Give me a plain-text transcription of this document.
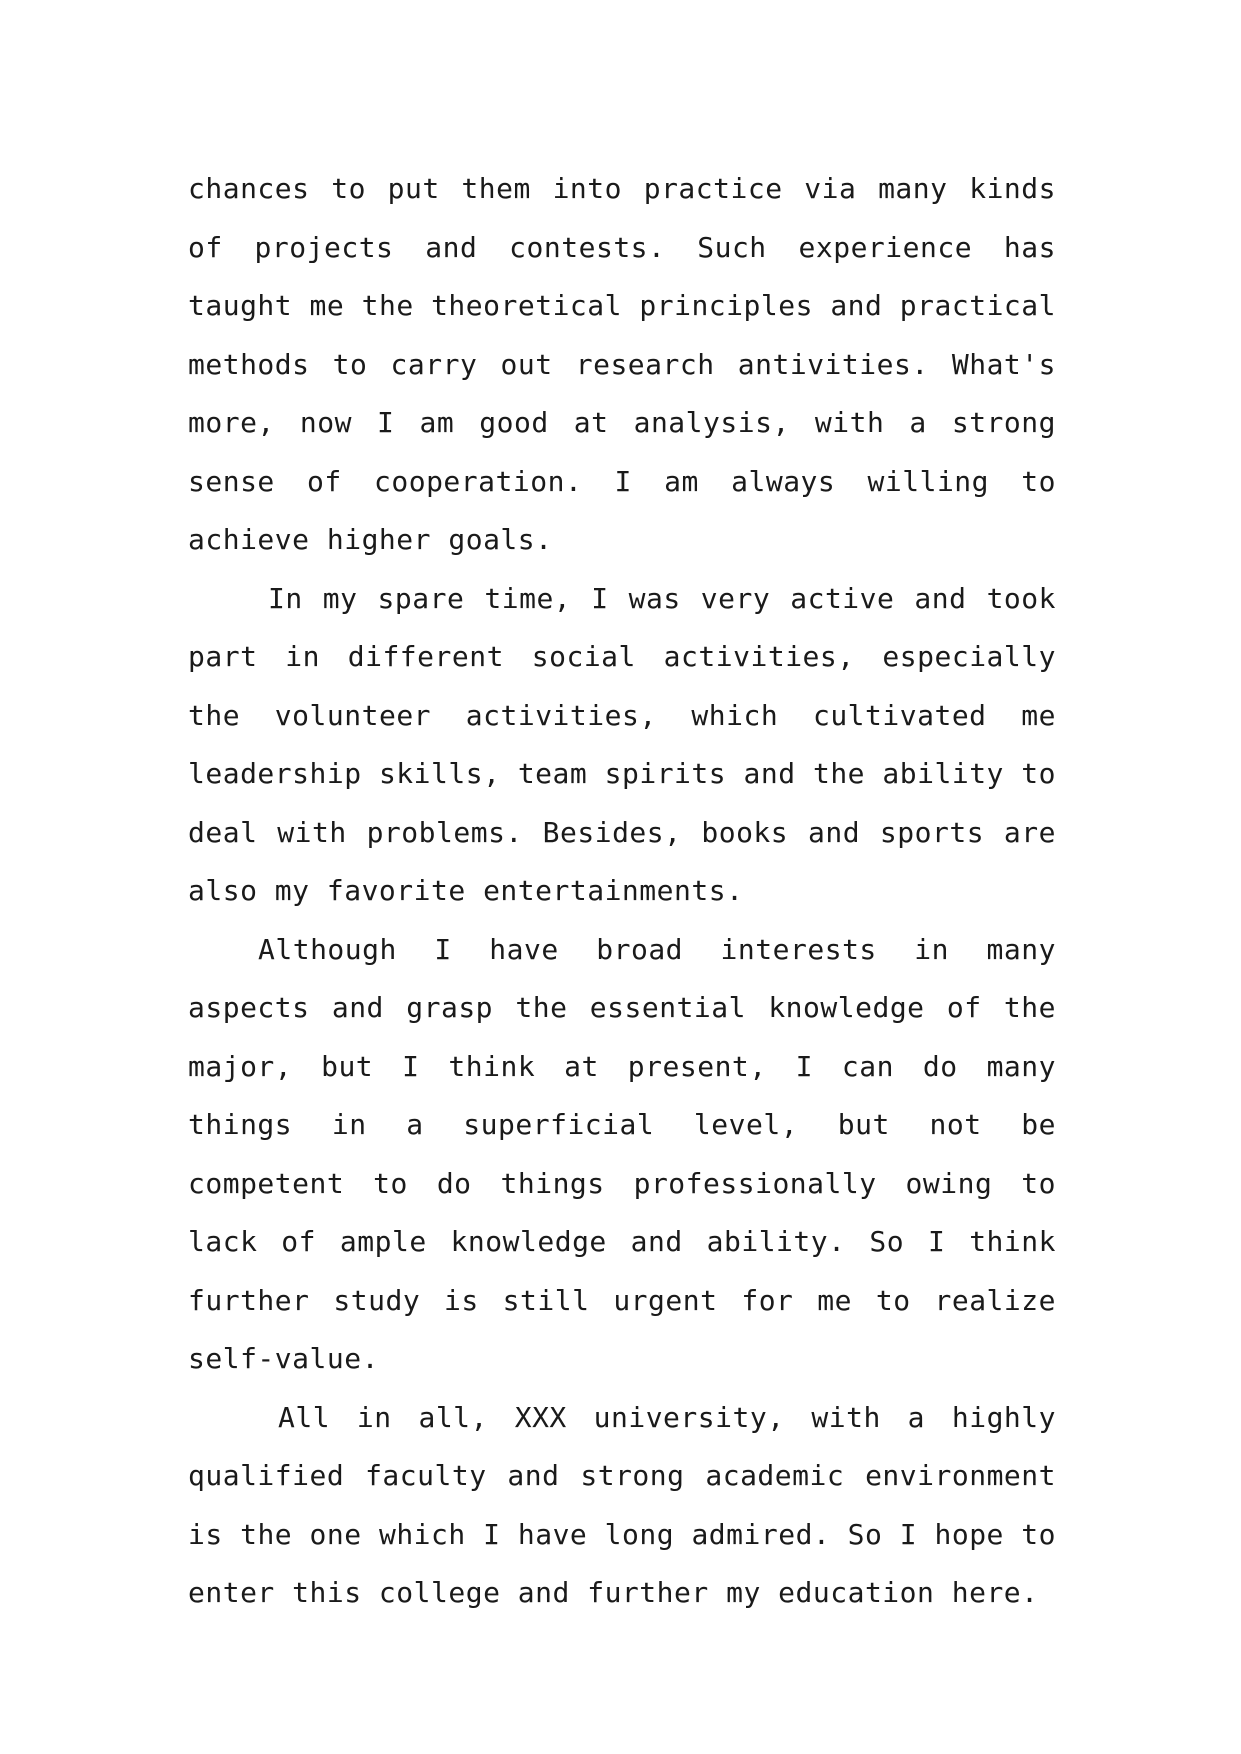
chances to put them into practice via many kinds of projects and contests. Such experience has taught me the theoretical principles and practical methods to carry out research antivities. What's more, now I am good at analysis, with a strong sense of cooperation. I am always willing to achieve higher goals.

In my spare time, I was very active and took part in different social activities, especially the volunteer activities, which cultivated me leadership skills, team spirits and the ability to deal with problems. Besides, books and sports are also my favorite entertainments.

Although I have broad interests in many aspects and grasp the essential knowledge of the major, but I think at present, I can do many things in a superficial level, but not be competent to do things professionally owing to lack of ample knowledge and ability. So I think further study is still urgent for me to realize self-value.

All in all, XXX university, with a highly qualified faculty and strong academic environment is the one which I have long admired. So I hope to enter this college and further my education here.
